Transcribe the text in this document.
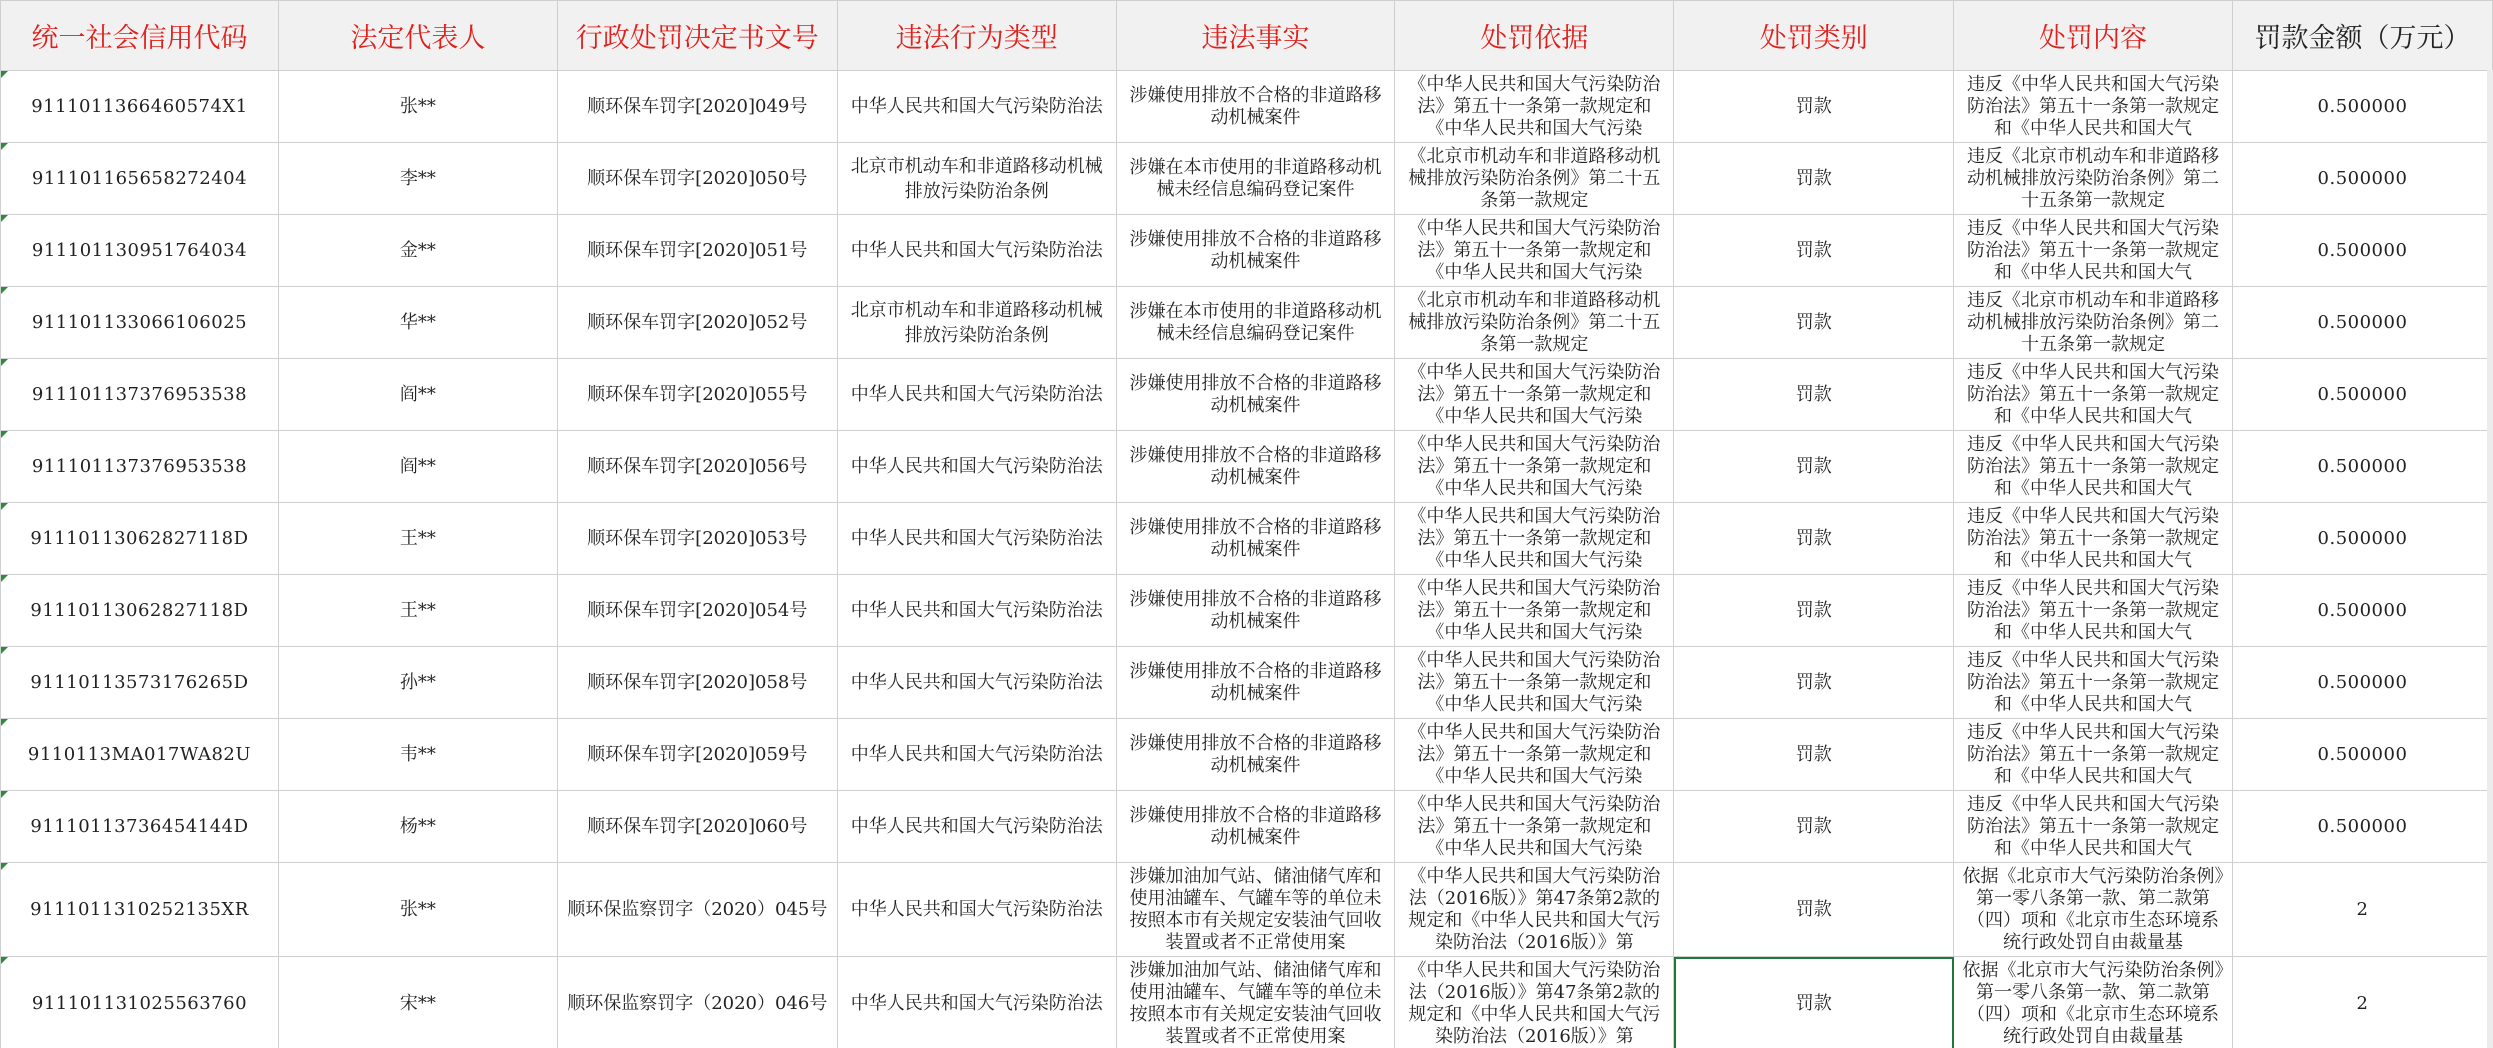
统一社会信用代码	法定代表人	行政处罚决定书文号	违法行为类型	违法事实	处罚依据	处罚类别	处罚内容	罚款金额（万元）

9111011366460574X1	张**	顺环保车罚字[2020]049号	中华人民共和国大气污染防治法	涉嫌使用排放不合格的非道路移动机械案件	《中华人民共和国大气污染防治法》第五十一条第一款规定和《中华人民共和国大气污染	罚款	违反《中华人民共和国大气污染防治法》第五十一条第一款规定和《中华人民共和国大气	0.500000

911101165658272404	李**	顺环保车罚字[2020]050号	北京市机动车和非道路移动机械排放污染防治条例	涉嫌在本市使用的非道路移动机械未经信息编码登记案件	《北京市机动车和非道路移动机械排放污染防治条例》第二十五条第一款规定	罚款	违反《北京市机动车和非道路移动机械排放污染防治条例》第二十五条第一款规定	0.500000

911101130951764034	金**	顺环保车罚字[2020]051号	中华人民共和国大气污染防治法	涉嫌使用排放不合格的非道路移动机械案件	《中华人民共和国大气污染防治法》第五十一条第一款规定和《中华人民共和国大气污染	罚款	违反《中华人民共和国大气污染防治法》第五十一条第一款规定和《中华人民共和国大气	0.500000

911101133066106025	华**	顺环保车罚字[2020]052号	北京市机动车和非道路移动机械排放污染防治条例	涉嫌在本市使用的非道路移动机械未经信息编码登记案件	《北京市机动车和非道路移动机械排放污染防治条例》第二十五条第一款规定	罚款	违反《北京市机动车和非道路移动机械排放污染防治条例》第二十五条第一款规定	0.500000

911101137376953538	阎**	顺环保车罚字[2020]055号	中华人民共和国大气污染防治法	涉嫌使用排放不合格的非道路移动机械案件	《中华人民共和国大气污染防治法》第五十一条第一款规定和《中华人民共和国大气污染	罚款	违反《中华人民共和国大气污染防治法》第五十一条第一款规定和《中华人民共和国大气	0.500000

911101137376953538	阎**	顺环保车罚字[2020]056号	中华人民共和国大气污染防治法	涉嫌使用排放不合格的非道路移动机械案件	《中华人民共和国大气污染防治法》第五十一条第一款规定和《中华人民共和国大气污染	罚款	违反《中华人民共和国大气污染防治法》第五十一条第一款规定和《中华人民共和国大气	0.500000

91110113062827118D	王**	顺环保车罚字[2020]053号	中华人民共和国大气污染防治法	涉嫌使用排放不合格的非道路移动机械案件	《中华人民共和国大气污染防治法》第五十一条第一款规定和《中华人民共和国大气污染	罚款	违反《中华人民共和国大气污染防治法》第五十一条第一款规定和《中华人民共和国大气	0.500000

91110113062827118D	王**	顺环保车罚字[2020]054号	中华人民共和国大气污染防治法	涉嫌使用排放不合格的非道路移动机械案件	《中华人民共和国大气污染防治法》第五十一条第一款规定和《中华人民共和国大气污染	罚款	违反《中华人民共和国大气污染防治法》第五十一条第一款规定和《中华人民共和国大气	0.500000

91110113573176265D	孙**	顺环保车罚字[2020]058号	中华人民共和国大气污染防治法	涉嫌使用排放不合格的非道路移动机械案件	《中华人民共和国大气污染防治法》第五十一条第一款规定和《中华人民共和国大气污染	罚款	违反《中华人民共和国大气污染防治法》第五十一条第一款规定和《中华人民共和国大气	0.500000

9110113MA017WA82U	韦**	顺环保车罚字[2020]059号	中华人民共和国大气污染防治法	涉嫌使用排放不合格的非道路移动机械案件	《中华人民共和国大气污染防治法》第五十一条第一款规定和《中华人民共和国大气污染	罚款	违反《中华人民共和国大气污染防治法》第五十一条第一款规定和《中华人民共和国大气	0.500000

91110113736454144D	杨**	顺环保车罚字[2020]060号	中华人民共和国大气污染防治法	涉嫌使用排放不合格的非道路移动机械案件	《中华人民共和国大气污染防治法》第五十一条第一款规定和《中华人民共和国大气污染	罚款	违反《中华人民共和国大气污染防治法》第五十一条第一款规定和《中华人民共和国大气	0.500000

9111011310252135XR	张**	顺环保监察罚字（2020）045号	中华人民共和国大气污染防治法	涉嫌加油加气站、储油储气库和使用油罐车、气罐车等的单位未按照本市有关规定安装油气回收装置或者不正常使用案	《中华人民共和国大气污染防治法（2016版）》第47条第2款的规定和《中华人民共和国大气污染防治法（2016版）》第	罚款	依据《北京市大气污染防治条例》第一零八条第一款、第二款第（四）项和《北京市生态环境系统行政处罚自由裁量基	2

911101131025563760	宋**	顺环保监察罚字（2020）046号	中华人民共和国大气污染防治法	涉嫌加油加气站、储油储气库和使用油罐车、气罐车等的单位未按照本市有关规定安装油气回收装置或者不正常使用案	《中华人民共和国大气污染防治法（2016版）》第47条第2款的规定和《中华人民共和国大气污染防治法（2016版）》第	罚款	依据《北京市大气污染防治条例》第一零八条第一款、第二款第（四）项和《北京市生态环境系统行政处罚自由裁量基	2
